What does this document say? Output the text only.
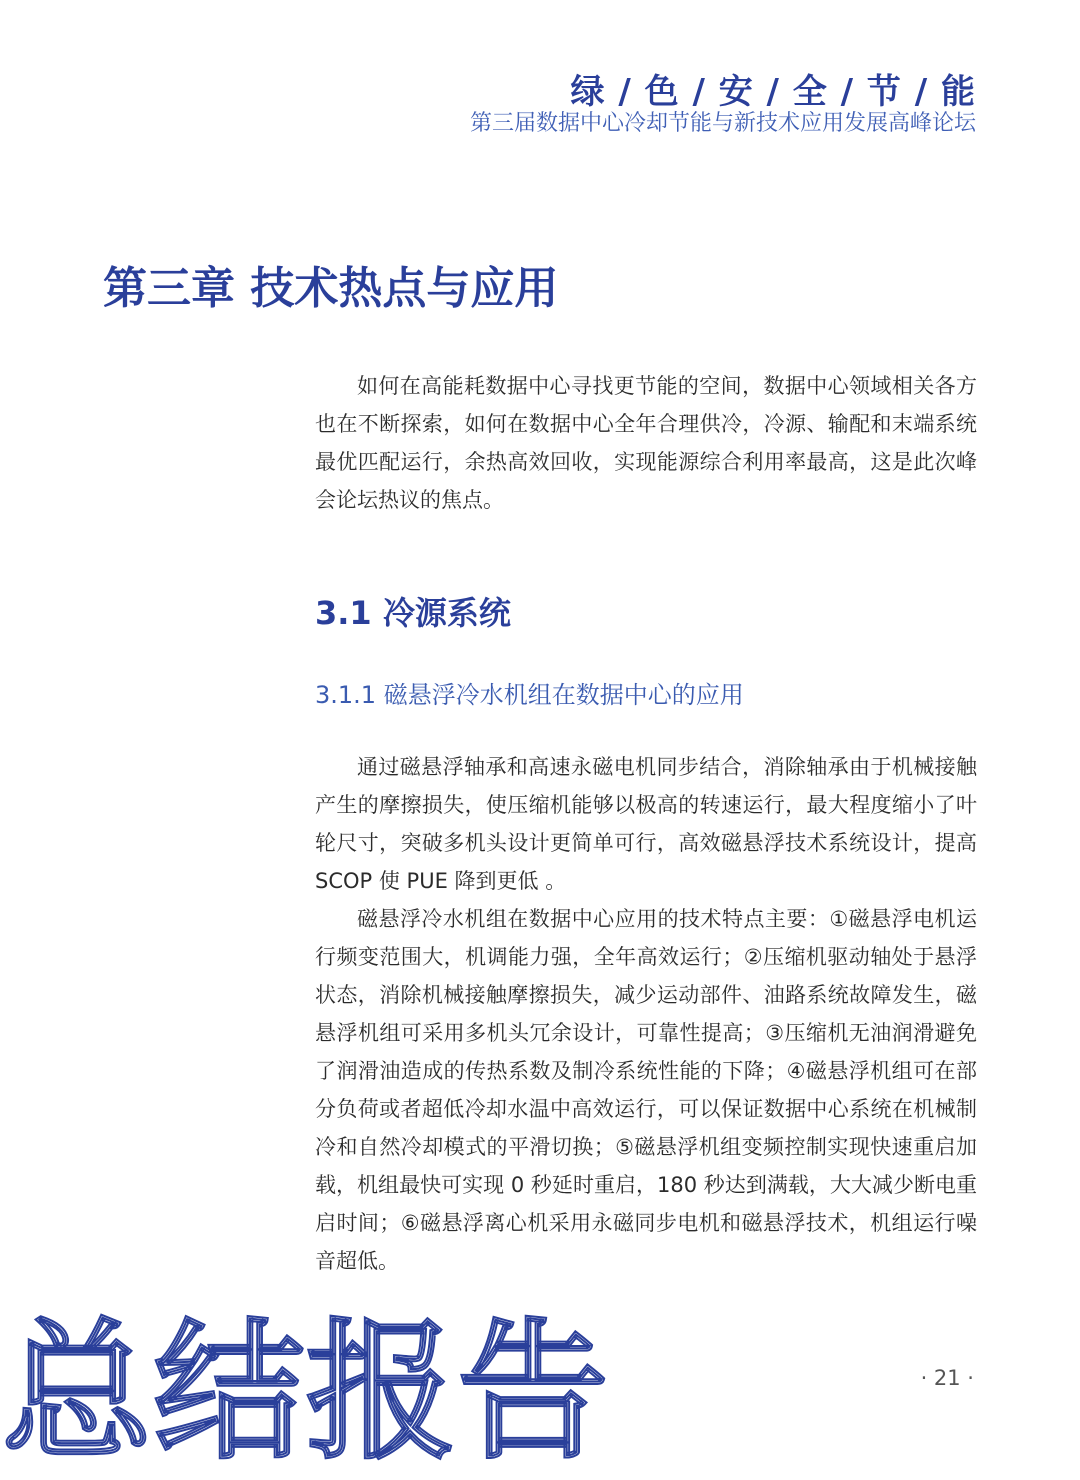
绿 / 色 / 安 / 全 / 节 / 能
第三届数据中心冷却节能与新技术应用发展高峰论坛
第三章 技术热点与应用

如何在高能耗数据中心寻找更节能的空间，数据中心领域相关各方也在不断探索，如何在数据中心全年合理供冷，冷源、输配和末端系统最优匹配运行，余热高效回收，实现能源综合利用率最高，这是此次峰会论坛热议的焦点。

3.1 冷源系统
3.1.1 磁悬浮冷水机组在数据中心的应用

通过磁悬浮轴承和高速永磁电机同步结合，消除轴承由于机械接触产生的摩擦损失，使压缩机能够以极高的转速运行，最大程度缩小了叶轮尺寸，突破多机头设计更简单可行，高效磁悬浮技术系统设计，提高 SCOP 使 PUE 降到更低 。

磁悬浮冷水机组在数据中心应用的技术特点主要：①磁悬浮电机运行频变范围大，机调能力强，全年高效运行；②压缩机驱动轴处于悬浮状态，消除机械接触摩擦损失，减少运动部件、油路系统故障发生，磁悬浮机组可采用多机头冗余设计，可靠性提高；③压缩机无油润滑避免了润滑油造成的传热系数及制冷系统性能的下降；④磁悬浮机组可在部分负荷或者超低冷却水温中高效运行，可以保证数据中心系统在机械制冷和自然冷却模式的平滑切换；⑤磁悬浮机组变频控制实现快速重启加载，机组最快可实现 0 秒延时重启，180 秒达到满载，大大减少断电重启时间；⑥磁悬浮离心机采用永磁同步电机和磁悬浮技术，机组运行噪音超低。

总结报告	· 21 ·
